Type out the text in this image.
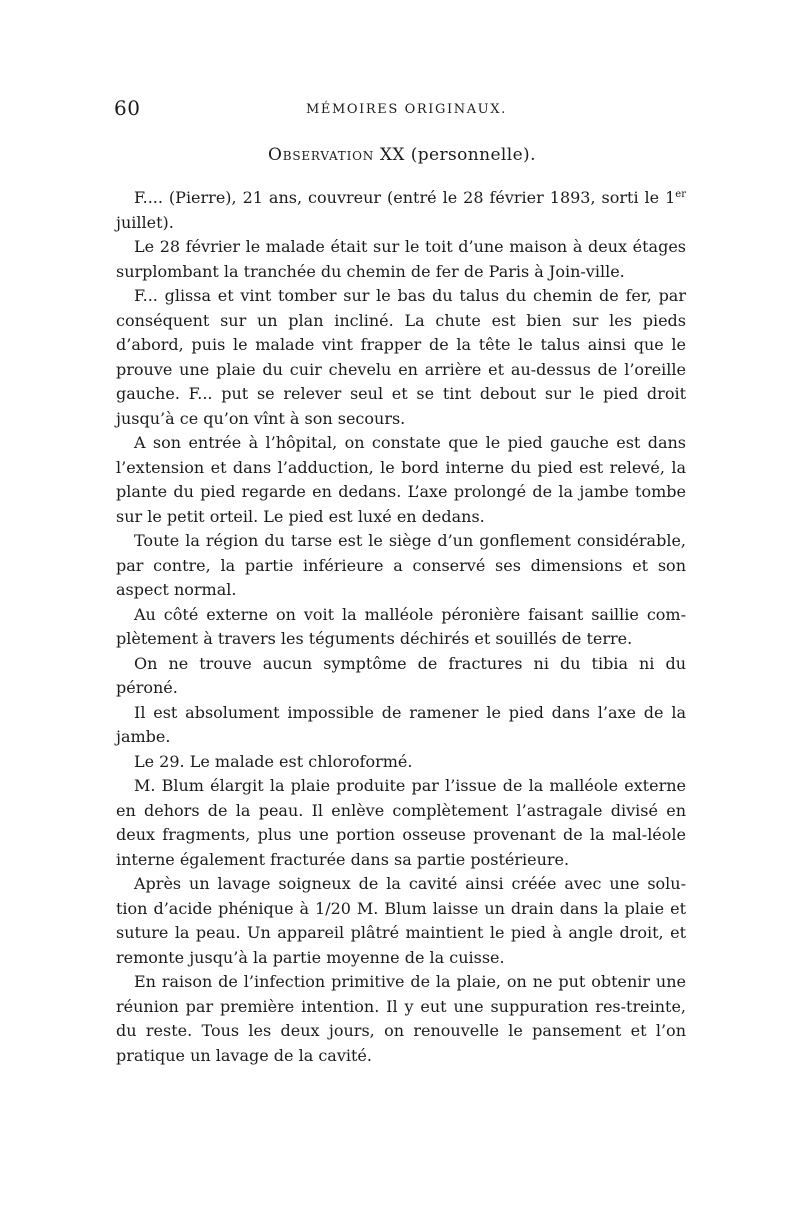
60	MÉMOIRES ORIGINAUX.
Observation XX (personnelle).

F.... (Pierre), 21 ans, couvreur (entré le 28 février 1893, sorti le 1er juillet).

Le 28 février le malade était sur le toit d’une maison à deux étages surplombant la tranchée du chemin de fer de Paris à Join-ville.

F... glissa et vint tomber sur le bas du talus du chemin de fer, par conséquent sur un plan incliné. La chute est bien sur les pieds d’abord, puis le malade vint frapper de la tête le talus ainsi que le prouve une plaie du cuir chevelu en arrière et au-dessus de l’oreille gauche. F... put se relever seul et se tint debout sur le pied droit jusqu’à ce qu’on vînt à son secours.

A son entrée à l’hôpital, on constate que le pied gauche est dans l’extension et dans l’adduction, le bord interne du pied est relevé, la plante du pied regarde en dedans. L’axe prolongé de la jambe tombe sur le petit orteil. Le pied est luxé en dedans.

Toute la région du tarse est le siège d’un gonflement considérable, par contre, la partie inférieure a conservé ses dimensions et son aspect normal.

Au côté externe on voit la malléole péronière faisant saillie com-plètement à travers les téguments déchirés et souillés de terre.

On ne trouve aucun symptôme de fractures ni du tibia ni du péroné.

Il est absolument impossible de ramener le pied dans l’axe de la jambe.

Le 29. Le malade est chloroformé.

M. Blum élargit la plaie produite par l’issue de la malléole externe en dehors de la peau. Il enlève complètement l’astragale divisé en deux fragments, plus une portion osseuse provenant de la mal-léole interne également fracturée dans sa partie postérieure.

Après un lavage soigneux de la cavité ainsi créée avec une solu-tion d’acide phénique à 1/20 M. Blum laisse un drain dans la plaie et suture la peau. Un appareil plâtré maintient le pied à angle droit, et remonte jusqu’à la partie moyenne de la cuisse.

En raison de l’infection primitive de la plaie, on ne put obtenir une réunion par première intention. Il y eut une suppuration res-treinte, du reste. Tous les deux jours, on renouvelle le pansement et l’on pratique un lavage de la cavité.
